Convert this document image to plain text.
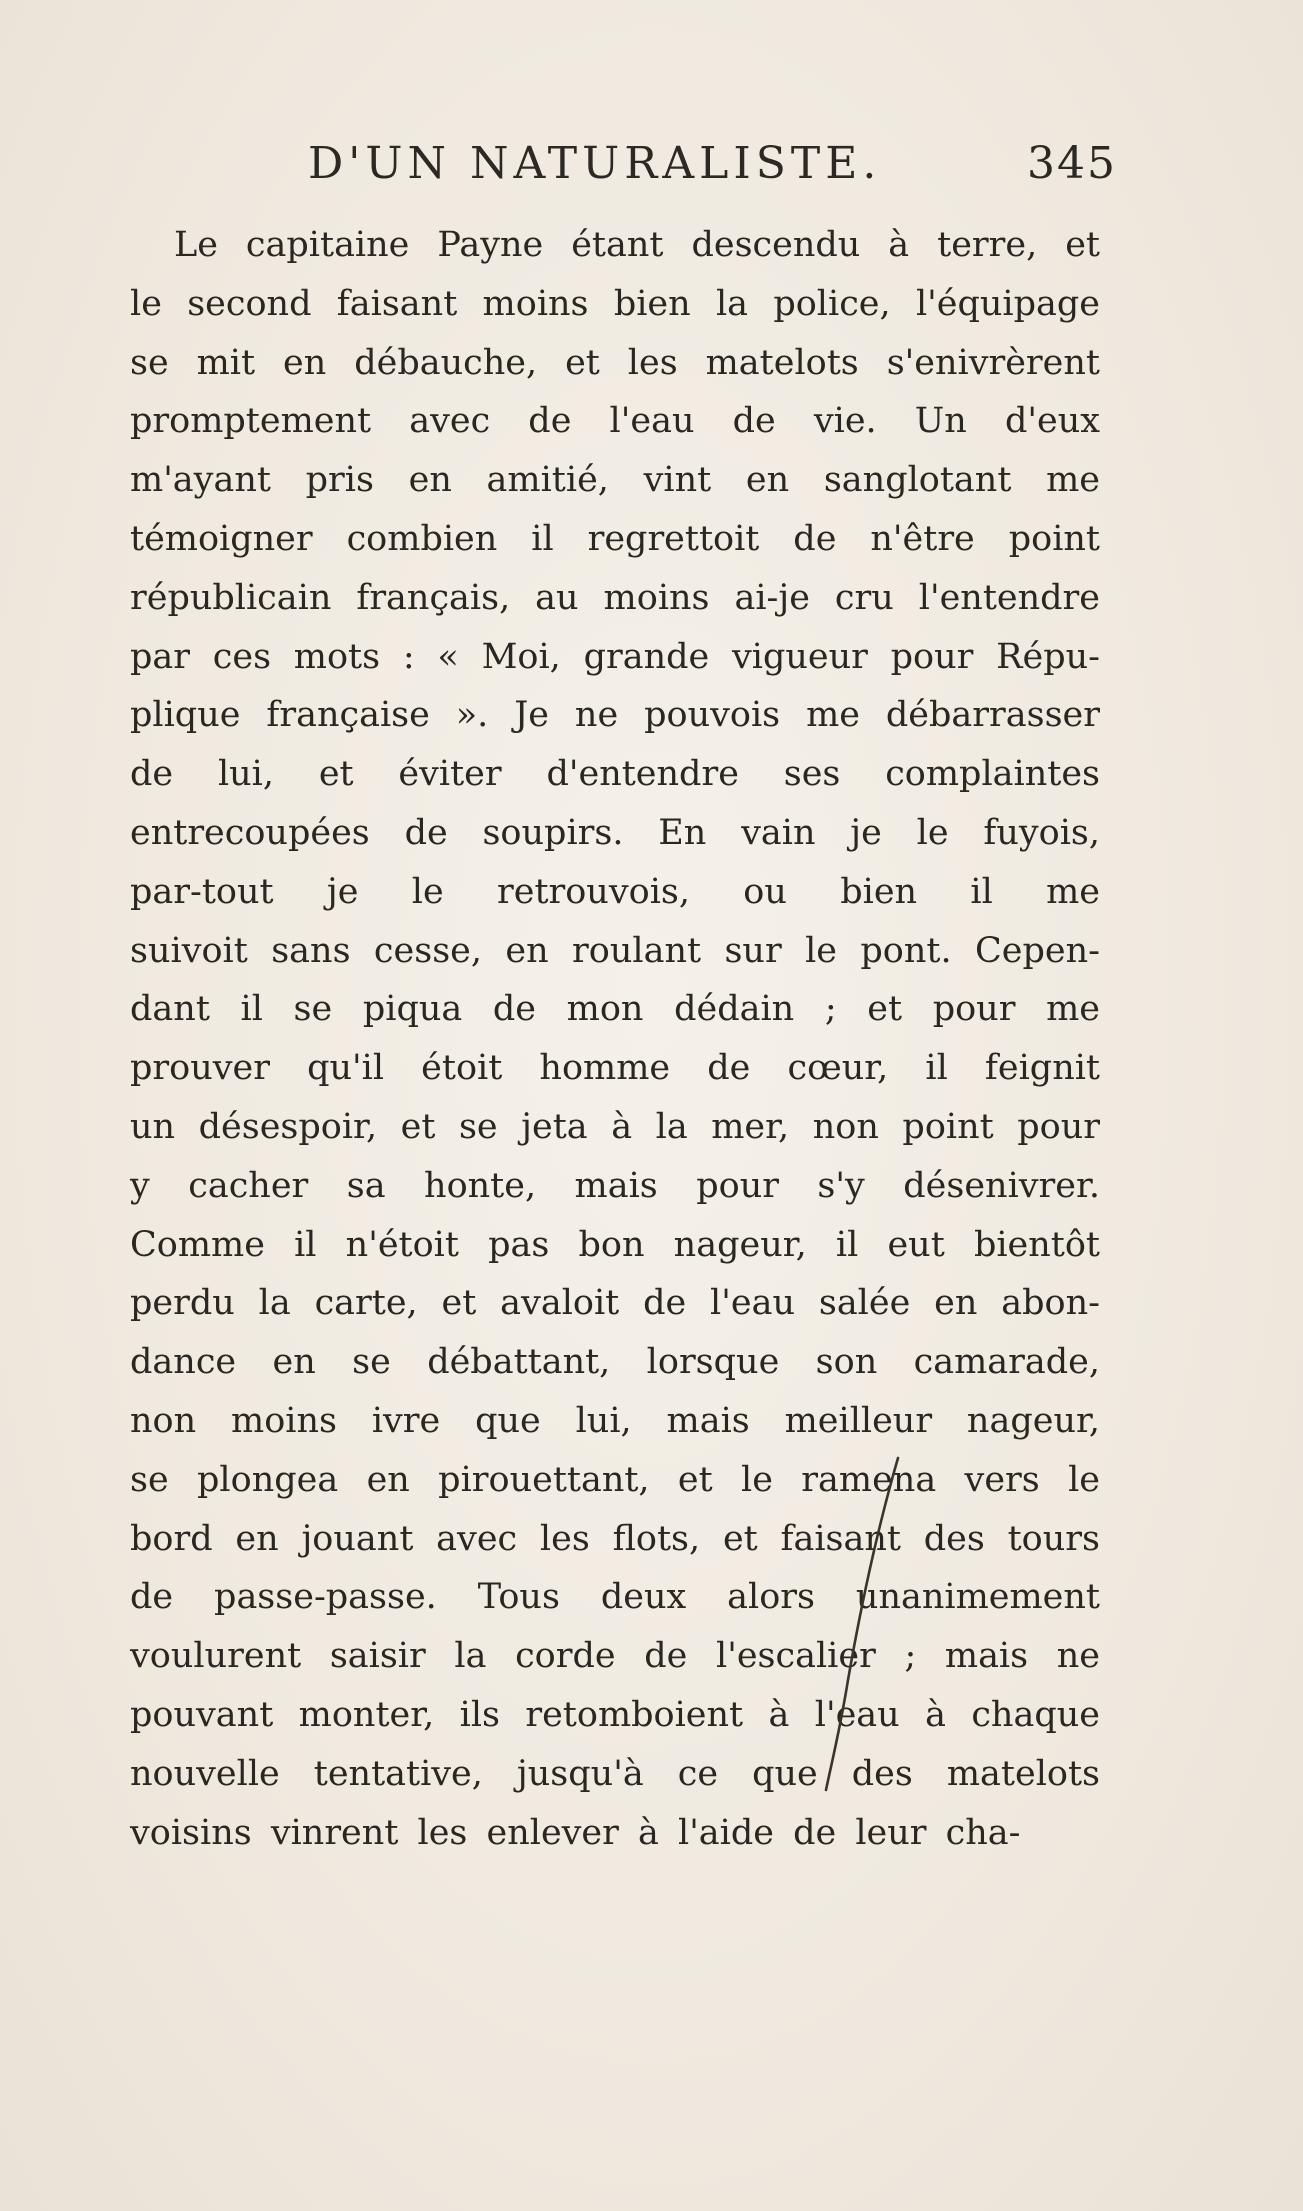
D'UN NATURALISTE.	345
Le capitaine Payne étant descendu à terre, et
le second faisant moins bien la police, l'équipage
se mit en débauche, et les matelots s'enivrèrent
promptement avec de l'eau de vie. Un d'eux
m'ayant pris en amitié, vint en sanglotant me
témoigner combien il regrettoit de n'être point
républicain français, au moins ai-je cru l'entendre
par ces mots : « Moi, grande vigueur pour Répu-
plique française ». Je ne pouvois me débarrasser
de lui, et éviter d'entendre ses complaintes
entrecoupées de soupirs. En vain je le fuyois,
par-tout je le retrouvois, ou bien il me
suivoit sans cesse, en roulant sur le pont. Cepen-
dant il se piqua de mon dédain ; et pour me
prouver qu'il étoit homme de cœur, il feignit
un désespoir, et se jeta à la mer, non point pour
y cacher sa honte, mais pour s'y désenivrer.
Comme il n'étoit pas bon nageur, il eut bientôt
perdu la carte, et avaloit de l'eau salée en abon-
dance en se débattant, lorsque son camarade,
non moins ivre que lui, mais meilleur nageur,
se plongea en pirouettant, et le ramena vers le
bord en jouant avec les flots, et faisant des tours
de passe-passe. Tous deux alors unanimement
voulurent saisir la corde de l'escalier ; mais ne
pouvant monter, ils retomboient à l'eau à chaque
nouvelle tentative, jusqu'à ce que des matelots
voisins vinrent les enlever à l'aide de leur cha-
